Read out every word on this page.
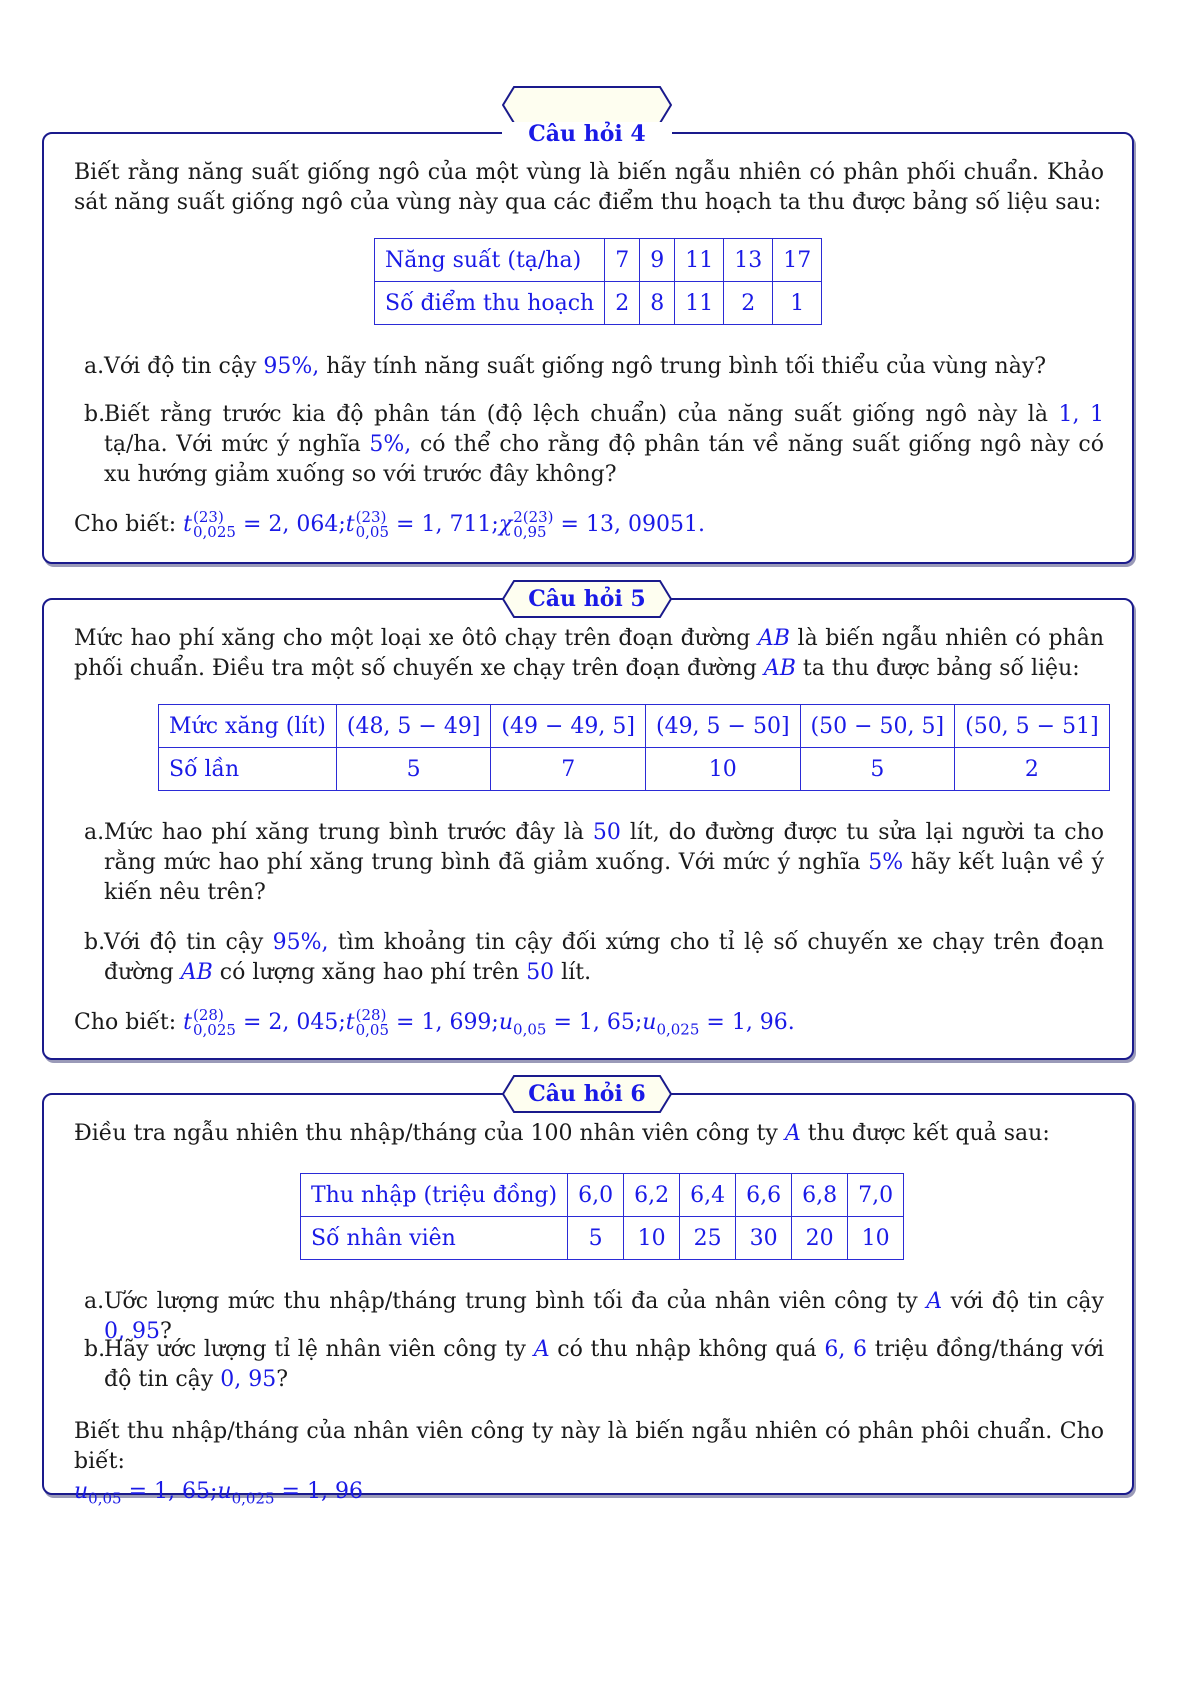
Biết rằng năng suất giống ngô của một vùng là biến ngẫu nhiên có phân phối chuẩn. Khảo sát năng suất giống ngô của vùng này qua các điểm thu hoạch ta thu được bảng số liệu sau:
Năng suất (tạ/ha)	7	9	11	13	17
Số điểm thu hoạch	2	8	11	2	1
a. Với độ tin cậy 95%, hãy tính năng suất giống ngô trung bình tối thiểu của vùng này?
b.
Biết rằng trước kia độ phân tán (độ lệch chuẩn) của năng suất giống ngô này là 1, 1 tạ/ha. Với mức ý nghĩa 5%, có thể cho rằng độ phân tán về năng suất giống ngô này có xu hướng giảm xuống so với trước đây không?
Cho biết: t (23)
0,025 = 2, 064;t (23)
0,05 = 1, 711;χ 2(23)
0,95 = 13, 09051.
Câu hỏi 4
Mức hao phí xăng cho một loại xe ôtô chạy trên đoạn đường AB là biến ngẫu nhiên có phân phối chuẩn. Điều tra một số chuyến xe chạy trên đoạn đường AB ta thu được bảng số liệu:
Mức xăng (lít)	(48, 5 − 49]	(49 − 49, 5]	(49, 5 − 50]	(50 − 50, 5]	(50, 5 − 51]
Số lần	5	7	10	5	2
a. Mức hao phí xăng trung bình trước đây là 50 lít, do đường được tu sửa lại người ta cho rằng mức hao phí xăng trung bình đã giảm xuống. Với mức ý nghĩa 5% hãy kết luận về ý kiến nêu trên?
b.
Với độ tin cậy 95%, tìm khoảng tin cậy đối xứng cho tỉ lệ số chuyến xe chạy trên đoạn đường AB có lượng xăng hao phí trên 50 lít.
Cho biết: t (28)
0,025 = 2, 045;t (28)
0,05 = 1, $699;u_{0,05} = 1$, $65;u_{0,025} = 1$, 96.
Câu hỏi 5
Điều tra ngẫu nhiên thu nhập/tháng của 100 nhân viên công ty A thu được kết quả sau:
Thu nhập (triệu đồng)	6,0	6,2	6,4	6,6	6,8	7,0
Số nhân viên	5	10	25	30	20	10
a. Ước lượng mức thu nhập/tháng trung bình tối đa của nhân viên công ty A với độ tin cậy 0, 95?
b.
Hãy ước lượng tỉ lệ nhân viên công ty A có thu nhập không quá 6, 6 triệu đồng/tháng với độ tin cậy 0, 95?
Biết thu nhập/tháng của nhân viên công ty này là biến ngẫu nhiên có phân phôi chuẩn. Cho biết:
$u_{0,05} = 1$, $65;u_{0,025} = 1$, 96
Câu hỏi 6
